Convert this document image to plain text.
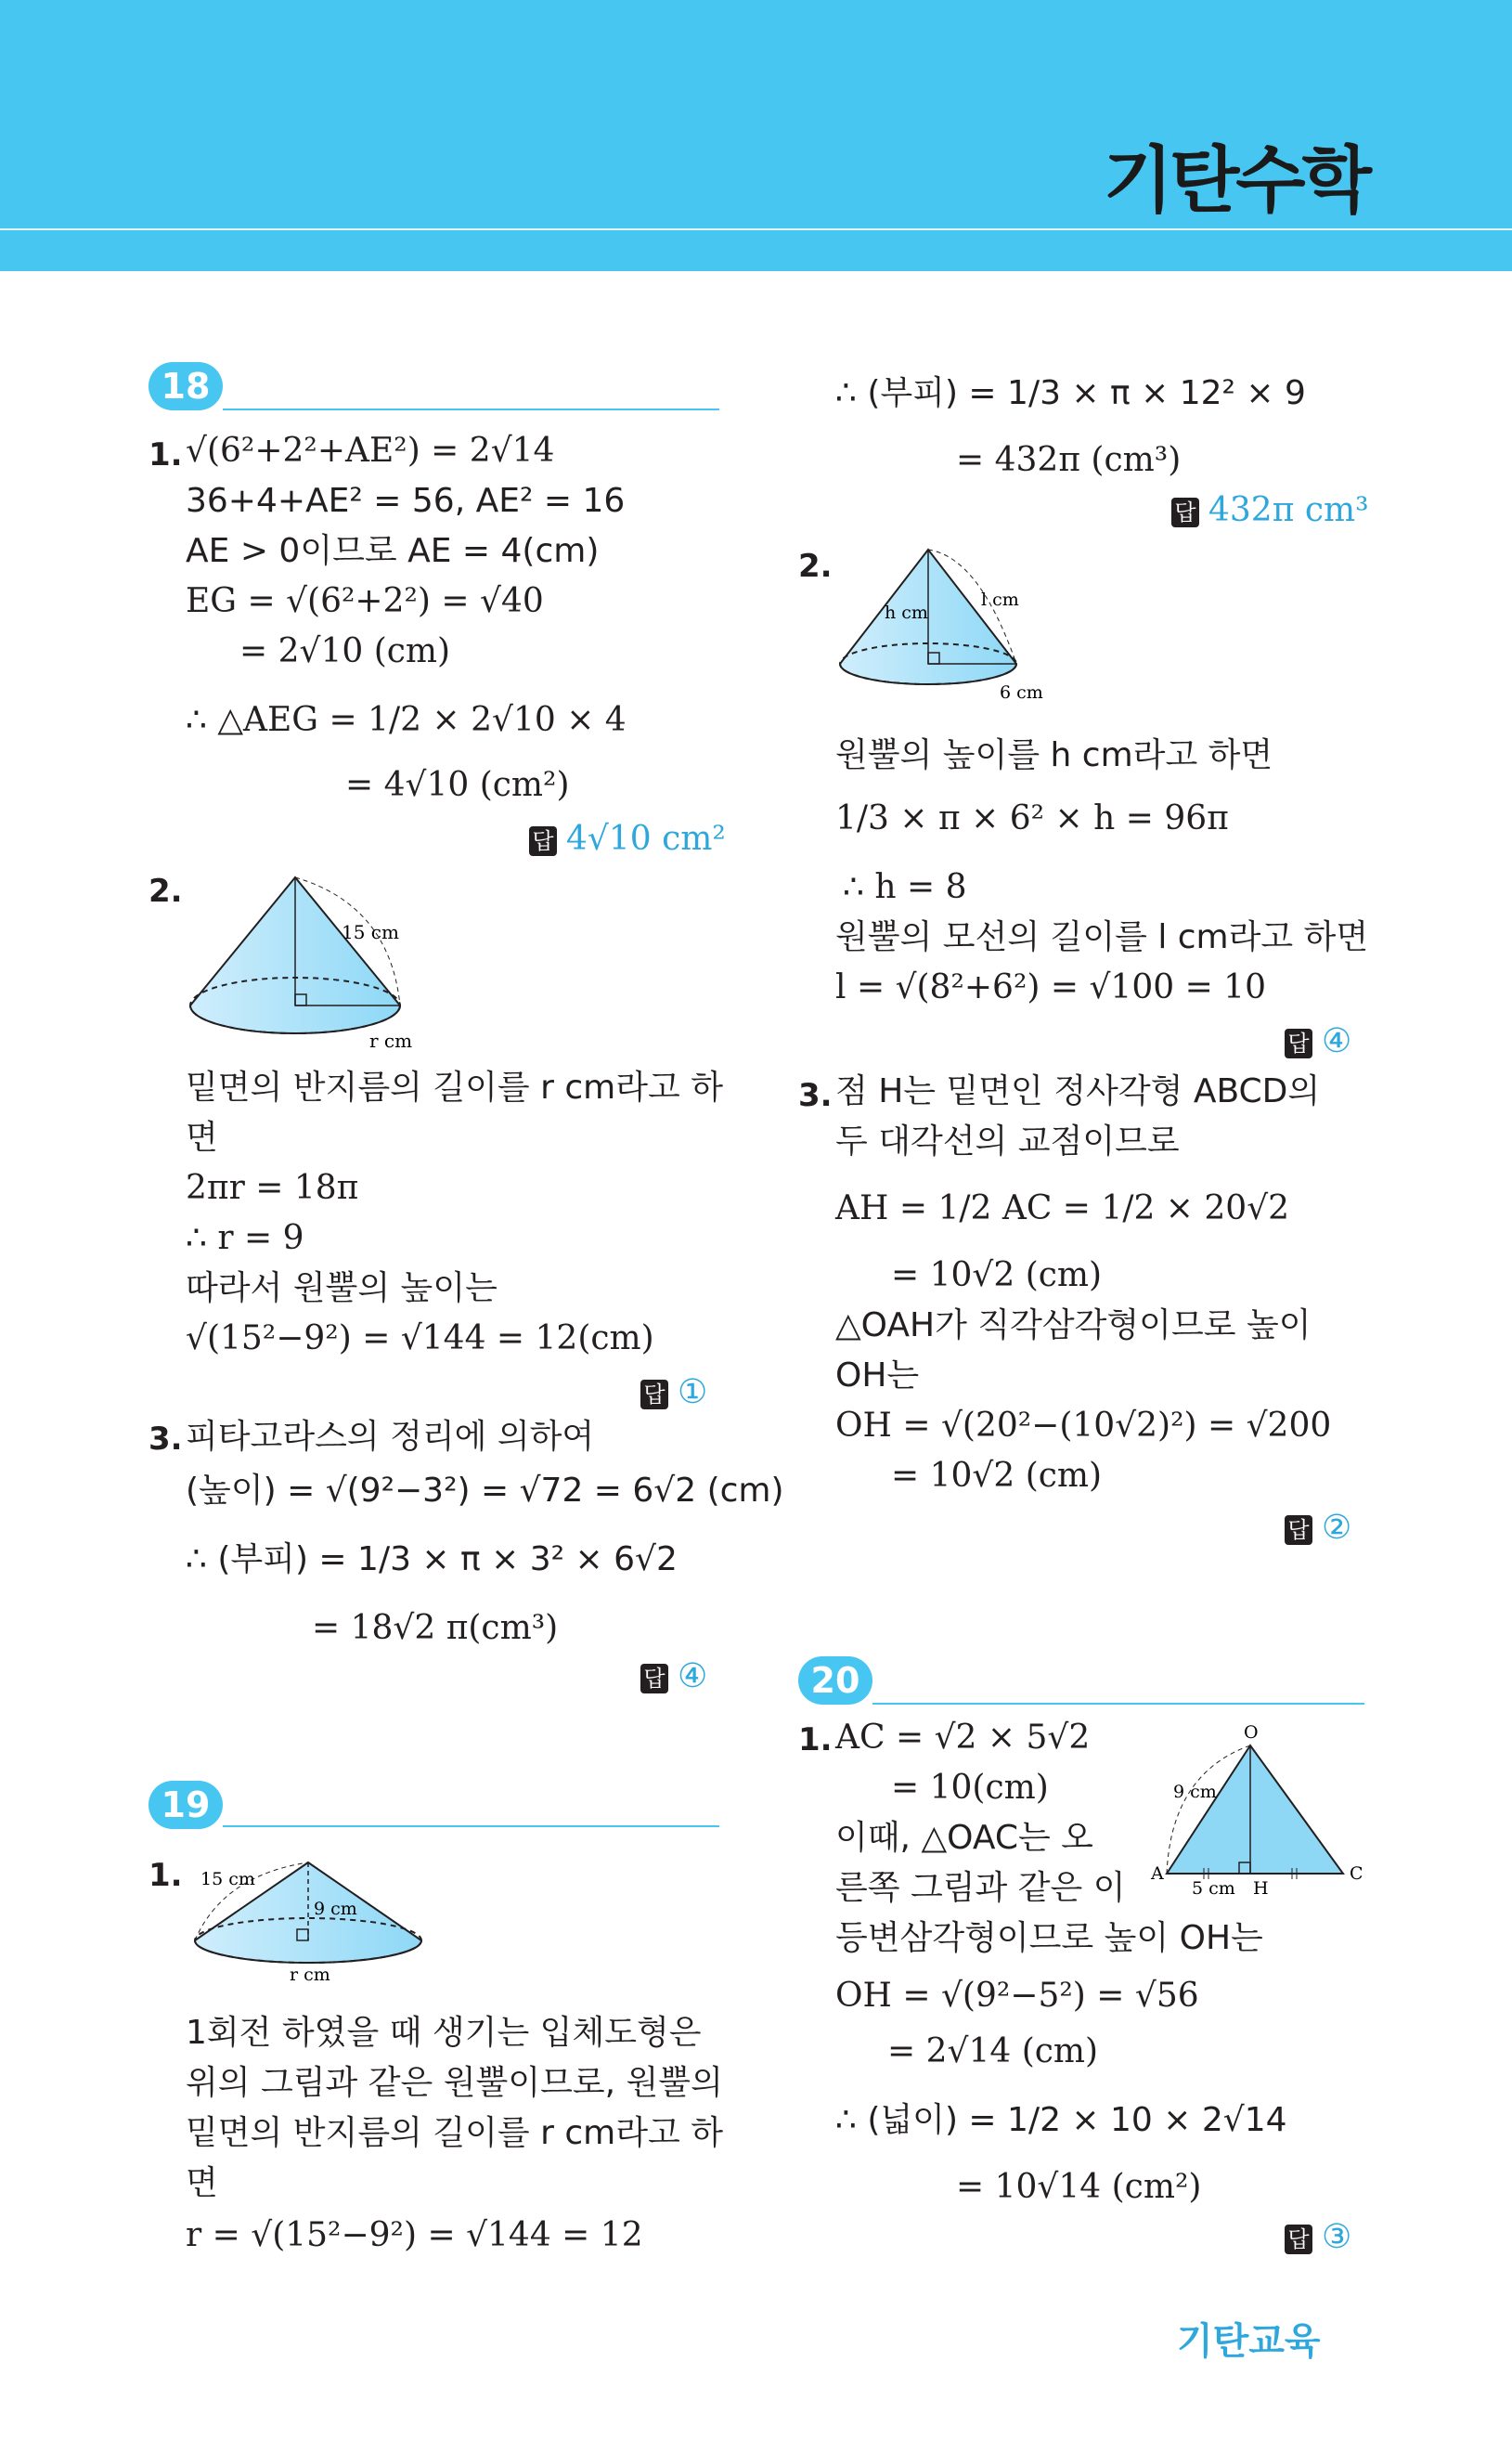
기탄수학
18
1. √(6²+2²+AE²) = 2√14
36+4+AE² = 56, AE² = 16
AE > 0이므로 AE = 4(cm)
EG = √(6²+2²) = √40
= 2√10 (cm)
∴ △AEG = 1/2 × 2√10 × 4
= 4√10 (cm²)
답 4√10 cm²
2.
15 cm
r cm
밑면의 반지름의 길이를 r cm라고 하
면
2πr = 18π
∴ r = 9
따라서 원뿔의 높이는
√(15²−9²) = √144 = 12(cm)
답 ①
3. 피타고라스의 정리에 의하여
(높이) = √(9²−3²) = √72 = 6√2 (cm)
∴ (부피) = 1/3 × π × 3² × 6√2
= 18√2 π(cm³)
답 ④
19
1. 15 cm
9 cm
r cm
1회전 하였을 때 생기는 입체도형은
위의 그림과 같은 원뿔이므로, 원뿔의
밑면의 반지름의 길이를 r cm라고 하
면
r = √(15²−9²) = √144 = 12
∴ (부피) = 1/3 × π × 12² × 9
= 432π (cm³)
답 432π cm³
2.
h cm
l cm
6 cm
원뿔의 높이를 h cm라고 하면
1/3 × π × 6² × h = 96π
∴ h = 8
원뿔의 모선의 길이를 l cm라고 하면
l = √(8²+6²) = √100 = 10
답 ④
3. 점 H는 밑면인 정사각형 ABCD의
두 대각선의 교점이므로
AH = 1/2 AC = 1/2 × 20√2
= 10√2 (cm)
△OAH가 직각삼각형이므로 높이
OH는
OH = √(20²−(10√2)²) = √200
= 10√2 (cm)
답 ②
20
1. AC = √2 × 5√2
= 10(cm)
이때, △OAC는 오
른쪽 그림과 같은 이
등변삼각형이므로 높이 OH는
OH = √(9²−5²) = √56
= 2√14 (cm)
∴ (넓이) = 1/2 × 10 × 2√14
= 10√14 (cm²)
답 ③
O
A	C
H
9 cm
5 cm
기탄교육
